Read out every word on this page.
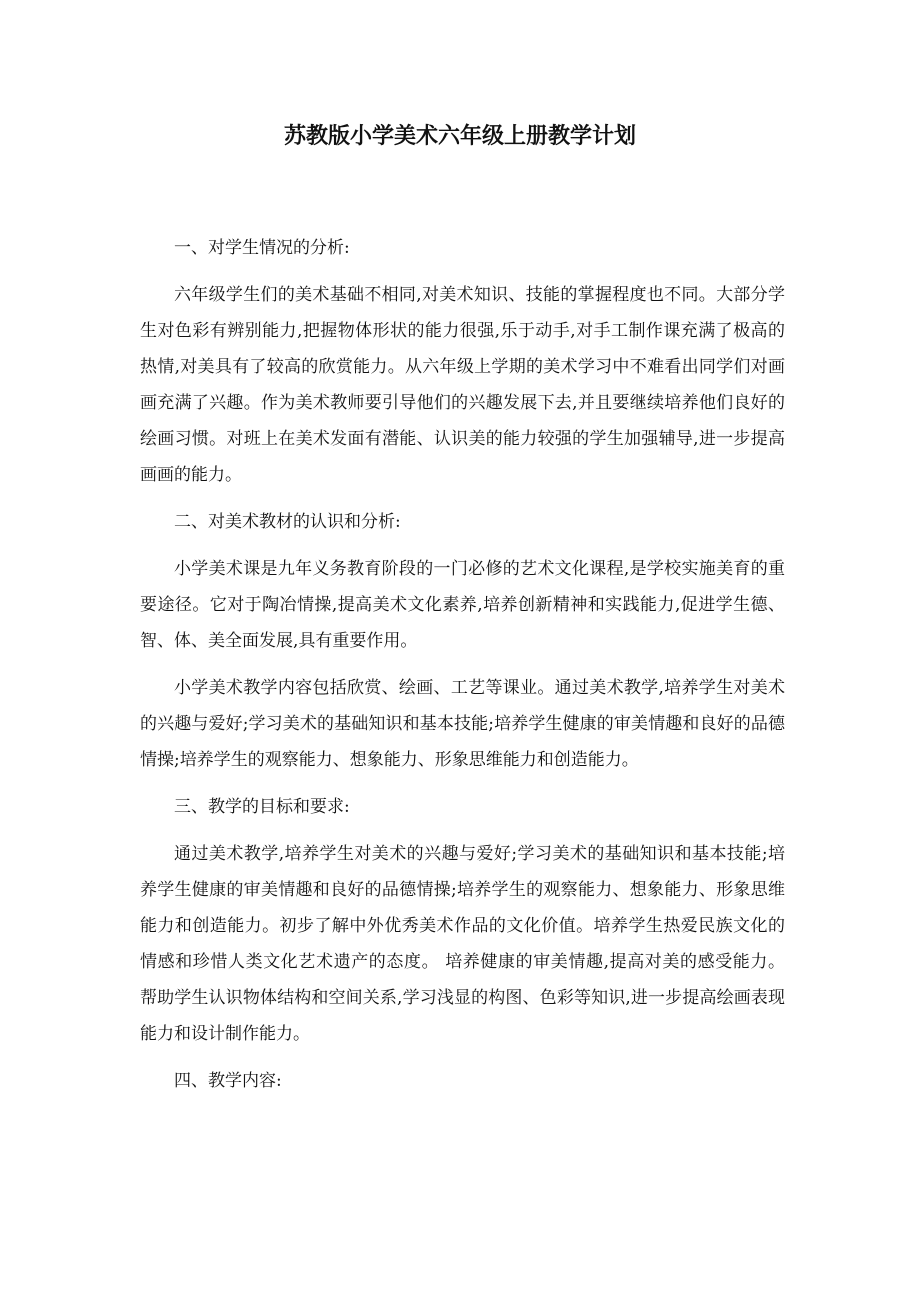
苏教版小学美术六年级上册教学计划

一、对学生情况的分析:

六年级学生们的美术基础不相同,对美术知识、技能的掌握程度也不同。大部分学生对色彩有辨别能力,把握物体形状的能力很强,乐于动手,对手工制作课充满了极高的热情,对美具有了较高的欣赏能力。从六年级上学期的美术学习中不难看出同学们对画画充满了兴趣。作为美术教师要引导他们的兴趣发展下去,并且要继续培养他们良好的绘画习惯。对班上在美术发面有潜能、认识美的能力较强的学生加强辅导,进一步提高画画的能力。

二、对美术教材的认识和分析:

小学美术课是九年义务教育阶段的一门必修的艺术文化课程,是学校实施美育的重要途径。它对于陶冶情操,提高美术文化素养,培养创新精神和实践能力,促进学生德、智、体、美全面发展,具有重要作用。

小学美术教学内容包括欣赏、绘画、工艺等课业。通过美术教学,培养学生对美术的兴趣与爱好;学习美术的基础知识和基本技能;培养学生健康的审美情趣和良好的品德情操;培养学生的观察能力、想象能力、形象思维能力和创造能力。

三、教学的目标和要求:

通过美术教学,培养学生对美术的兴趣与爱好;学习美术的基础知识和基本技能;培养学生健康的审美情趣和良好的品德情操;培养学生的观察能力、想象能力、形象思维能力和创造能力。初步了解中外优秀美术作品的文化价值。培养学生热爱民族文化的情感和珍惜人类文化艺术遗产的态度。 培养健康的审美情趣,提高对美的感受能力。 帮助学生认识物体结构和空间关系,学习浅显的构图、色彩等知识,进一步提高绘画表现能力和设计制作能力。

四、教学内容:
